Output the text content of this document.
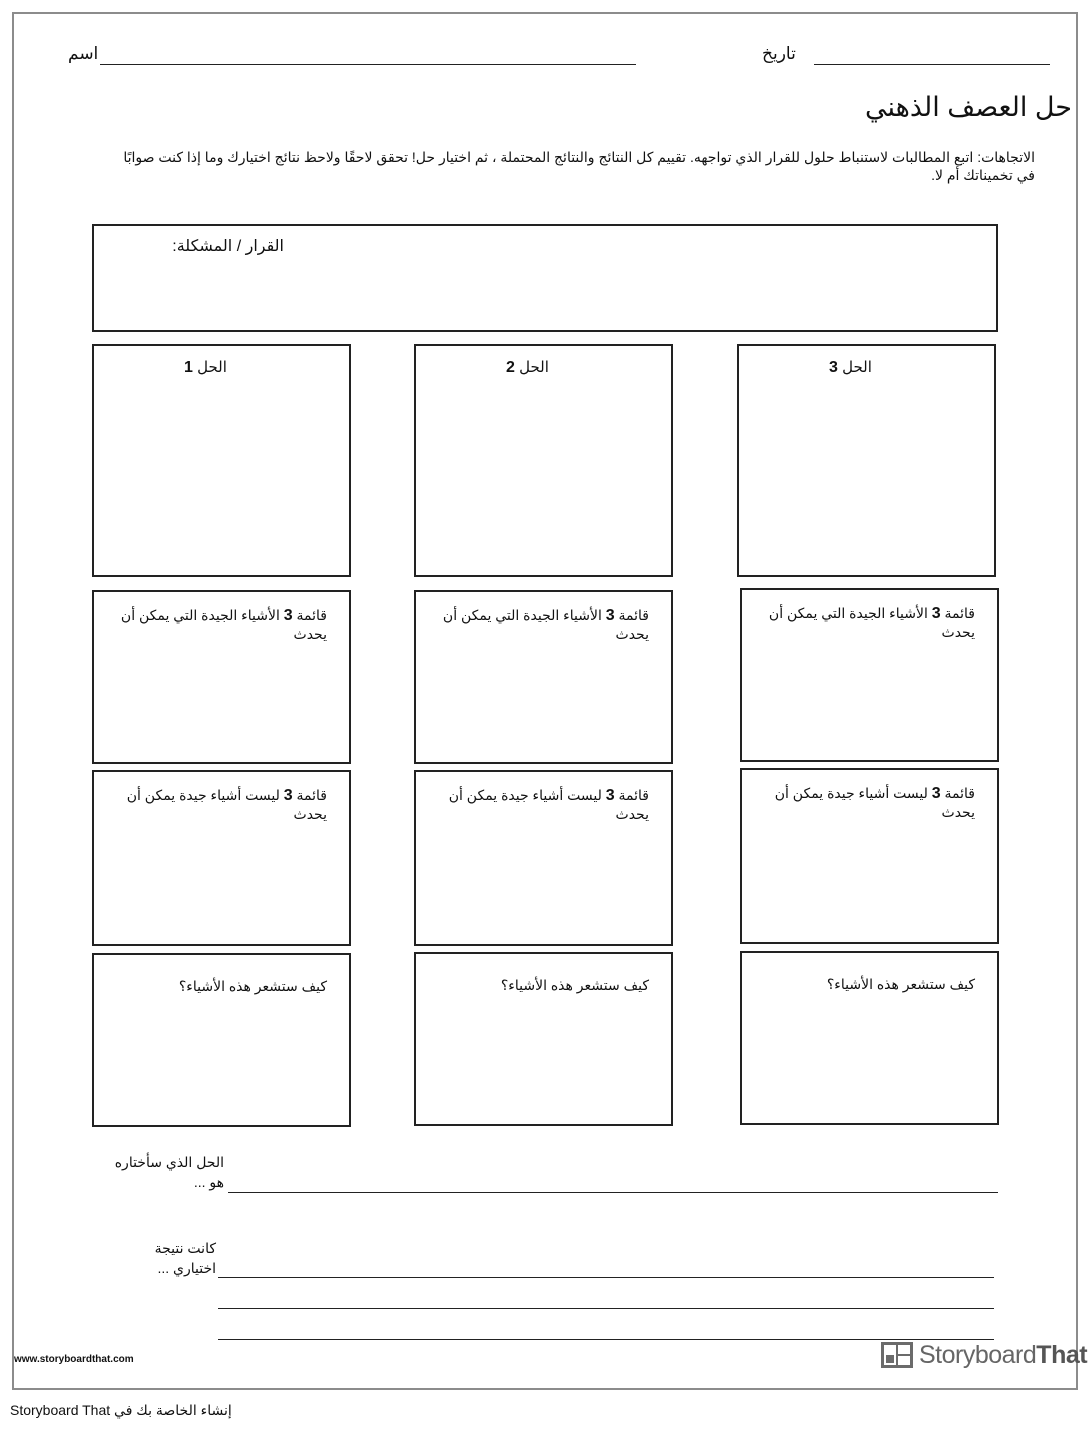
اسم	تاريخ
حل العصف الذهني
الاتجاهات: اتبع المطالبات لاستنباط حلول للقرار الذي تواجهه. تقييم كل النتائج والنتائج المحتملة ، ثم اختيار حل! تحقق لاحقًا ولاحظ نتائج اختيارك وما إذا كنت صوابًا في تخميناتك أم لا.
القرار / المشكلة:
الحل 1	الحل 2	الحل 3
قائمة 3 الأشياء الجيدة التي يمكن أن يحدث
قائمة 3 الأشياء الجيدة التي يمكن أن يحدث
قائمة 3 الأشياء الجيدة التي يمكن أن يحدث
قائمة 3 ليست أشياء جيدة يمكن أن يحدث
قائمة 3 ليست أشياء جيدة يمكن أن يحدث
قائمة 3 ليست أشياء جيدة يمكن أن يحدث
كيف ستشعر هذه الأشياء؟	كيف ستشعر هذه الأشياء؟	كيف ستشعر هذه الأشياء؟
الحل الذي سأختاره
هو ...
كانت نتيجة
اختياري ...
www.storyboardthat.com	StoryboardThat
إنشاء الخاصة بك في Storyboard That
